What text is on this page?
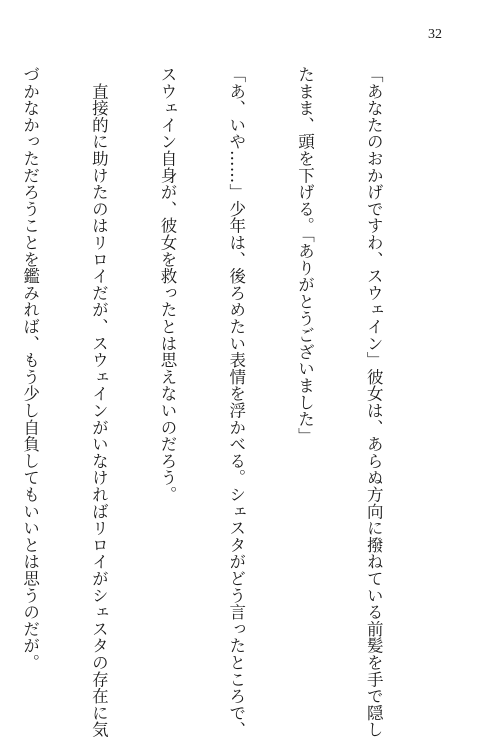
32

「あなたのおかげですわ、スウェイン」彼女は、あらぬ方向に撥ねている前髪を手で隠し

たまま、頭を下げる。「ありがとうございました」

「あ、いや……」少年は、後ろめたい表情を浮かべる。シェスタがどう言ったところで、

スウェイン自身が、彼女を救ったとは思えないのだろう。

　直接的に助けたのはリロイだが、スウェインがいなければリロイがシェスタの存在に気

づかなかっただろうことを鑑みれば、もう少し自負してもいいとは思うのだが。
